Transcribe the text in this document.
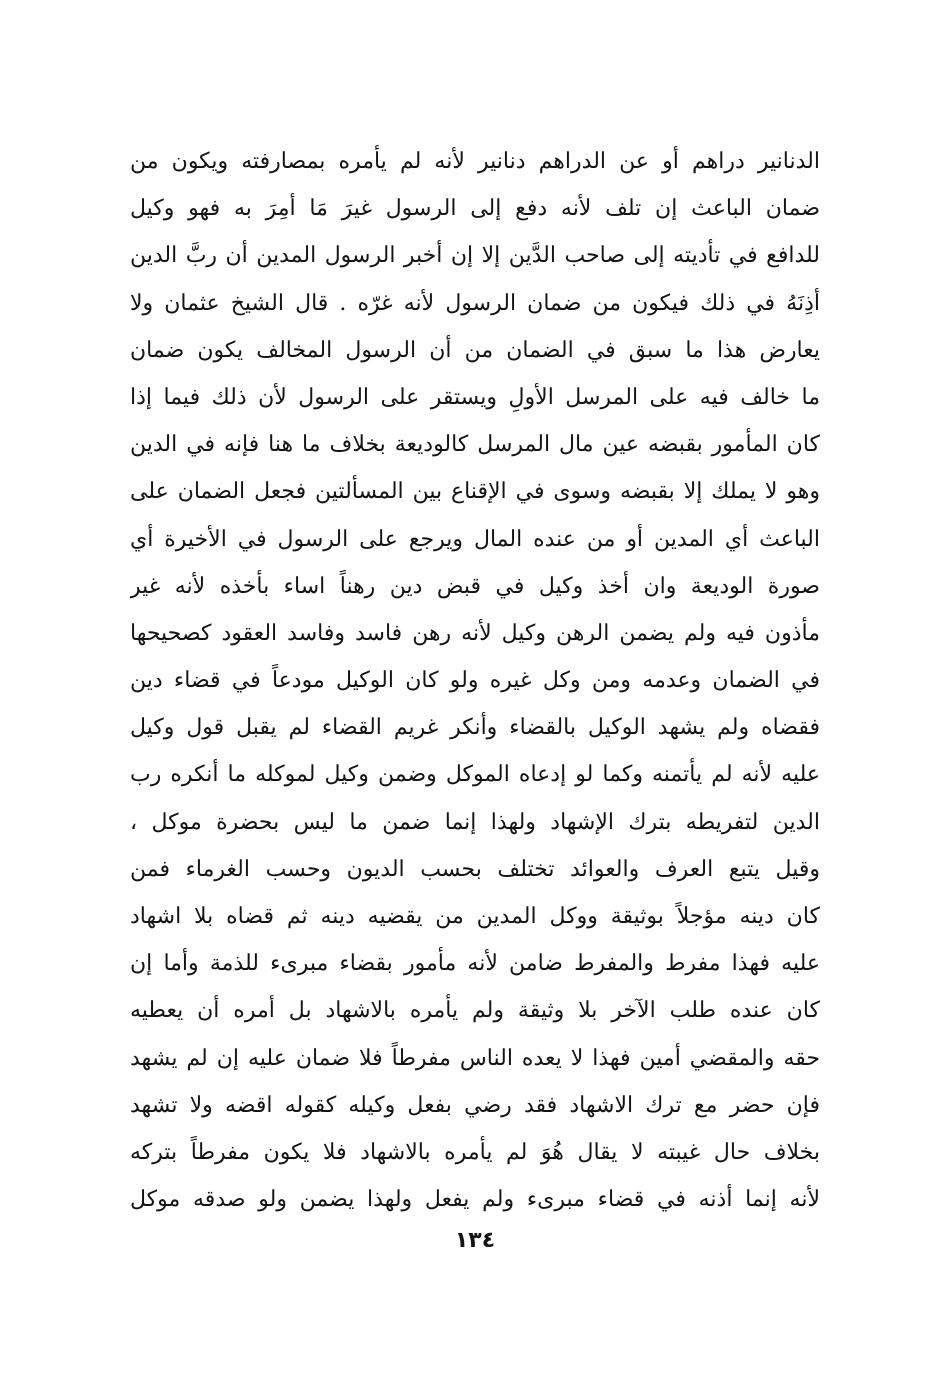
الدنانير دراهم أو عن الدراهم دنانير لأنه لم يأمره بمصارفته ويكون من
ضمان الباعث إن تلف لأنه دفع إلى الرسول غيرَ مَا أمِرَ به فهو وكيل
للدافع في تأديته إلى صاحب الدَّين إلا إن أخبر الرسول المدين أن ربَّ الدين
أذِنَهُ في ذلك فيكون من ضمان الرسول لأنه غرّه . قال الشيخ عثمان ولا
يعارض هذا ما سبق في الضمان من أن الرسول المخالف يكون ضمان
ما خالف فيه على المرسل الأولِ ويستقر على الرسول لأن ذلك فيما إذا
كان المأمور بقبضه عين مال المرسل كالوديعة بخلاف ما هنا فإنه في الدين
وهو لا يملك إلا بقبضه وسوى في الإقناع بين المسألتين فجعل الضمان على
الباعث أي المدين أو من عنده المال ويرجع على الرسول في الأخيرة أي
صورة الوديعة وان أخذ وكيل في قبض دين رهناً اساء بأخذه لأنه غير
مأذون فيه ولم يضمن الرهن وكيل لأنه رهن فاسد وفاسد العقود كصحيحها
في الضمان وعدمه ومن وكل غيره ولو كان الوكيل مودعاً في قضاء دين
فقضاه ولم يشهد الوكيل بالقضاء وأنكر غريم القضاء لم يقبل قول وكيل
عليه لأنه لم يأتمنه وكما لو إدعاه الموكل وضمن وكيل لموكله ما أنكره رب
الدين لتفريطه بترك الإشهاد ولهذا إنما ضمن ما ليس بحضرة موكل ،
وقيل يتبع العرف والعوائد تختلف بحسب الديون وحسب الغرماء فمن
كان دينه مؤجلاً بوثيقة ووكل المدين من يقضيه دينه ثم قضاه بلا اشهاد
عليه فهذا مفرط والمفرط ضامن لأنه مأمور بقضاء مبرىء للذمة وأما إن
كان عنده طلب الآخر بلا وثيقة ولم يأمره بالاشهاد بل أمره أن يعطيه
حقه والمقضي أمين فهذا لا يعده الناس مفرطاً فلا ضمان عليه إن لم يشهد
فإن حضر مع ترك الاشهاد فقد رضي بفعل وكيله كقوله اقضه ولا تشهد
بخلاف حال غيبته لا يقال هُوَ لم يأمره بالاشهاد فلا يكون مفرطاً بتركه
لأنه إنما أذنه في قضاء مبرىء ولم يفعل ولهذا يضمن ولو صدقه موكل
١٣٤
